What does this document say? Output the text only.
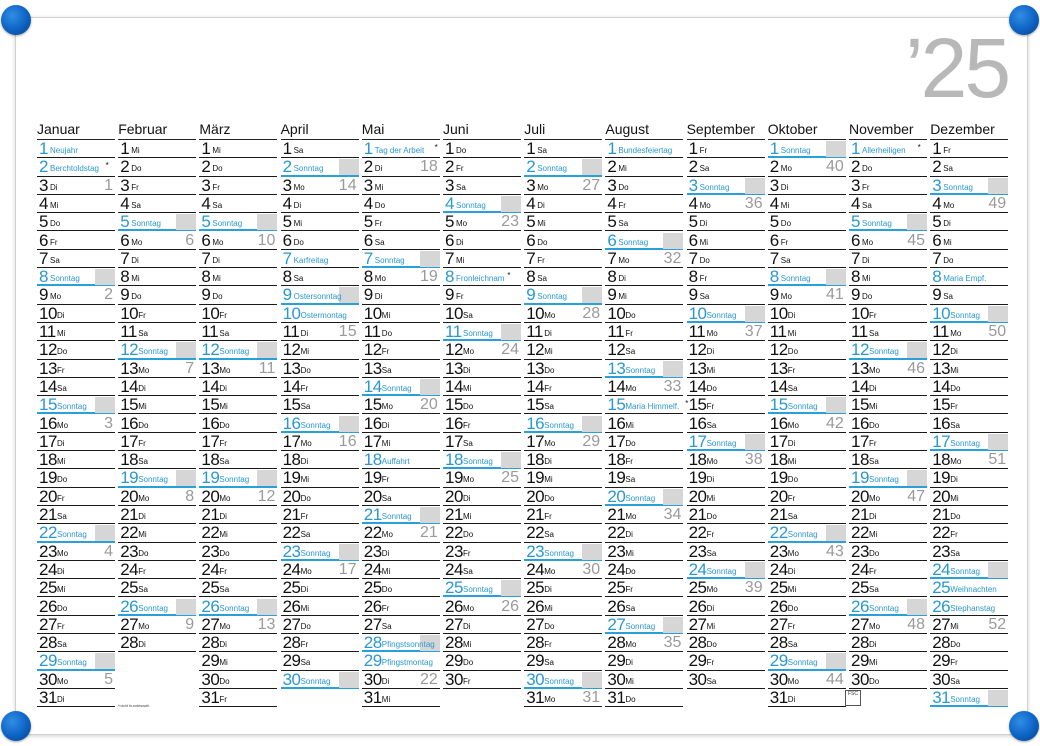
’25
Januar
1 Neujahr
2 Berchtoldstag *
3 Di	1
4 Mi
5 Do
6 Fr
7 Sa
8 Sonntag
9 Mo	2
10 Di
11 Mi
12 Do
13 Fr
14 Sa
15 Sonntag
16 Mo 3
17 Di
18 Mi
19 Do
20 Fr
21 Sa
22 Sonntag
23 Mo 4
24 Di
25 Mi
26 Do
27 Fr
28 Sa
29 Sonntag
30 Mo 5
31 Di
Februar
1 Mi
2 Do
3 Fr
4 Sa
5 Sonntag
6 Mo	6
7 Di
8 Mi
9 Do
10 Fr
11 Sa
12 Sonntag
13 Mo 7
14 Di
15 Mi
16 Do
17 Fr
18 Sa
19 Sonntag
20 Mo 8
21 Di
22 Mi
23 Do
24 Fr
25 Sa
26 Sonntag
27 Mo 9
28 Di
März
1 Mi
2 Do
3 Fr
4 Sa
5 Sonntag
6 Mo 10
7 Di
8 Mi
9 Do
10 Fr
11 Sa
12 Sonntag
13 Mo 11
14 Di
15 Mi
16 Do
17 Fr
18 Sa
19 Sonntag
20 Mo 12
21 Di
22 Mi
23 Do
24 Fr
25 Sa
26 Sonntag
27 Mo 13
28 Di
29 Mi
30 Do
31 Fr
April
1 Sa
2 Sonntag
3 Mo 14
4 Di
5 Mi
6 Do
7 Karfreitag
8 Sa
9 Ostersonntag
10 Ostermontag
11 Di 15
12 Mi
13 Do
14 Fr
15 Sa
16 Sonntag
17 Mo 16
18 Di
19 Mi
20 Do
21 Fr
22 Sa
23 Sonntag
24 Mo 17
25 Di
26 Mi
27 Do
28 Fr
29 Sa
30 Sonntag
Mai
1 Tag der Arbeit *
2 Di 18
3 Mi
4 Do
5 Fr
6 Sa
7 Sonntag
8 Mo 19
9 Di
10 Mi
11 Do
12 Fr
13 Sa
14 Sonntag
15 Mo 20
16 Di
17 Mi
18 Auffahrt
19 Fr
20 Sa
21 Sonntag
22 Mo 21
23 Di
24 Mi
25 Do
26 Fr
27 Sa
28 Pfingstsonntag
29 Pfingstmontag
30 Di 22
31 Mi
Juni
1 Do
2 Fr
3 Sa
4 Sonntag
5 Mo 23
6 Di
7 Mi
8 Fronleichnam *
9 Fr
10 Sa
11 Sonntag
12 Mo 24
13 Di
14 Mi
15 Do
16 Fr
17 Sa
18 Sonntag
19 Mo 25
20 Di
21 Mi
22 Do
23 Fr
24 Sa
25 Sonntag
26 Mo 26
27 Di
28 Mi
29 Do
30 Fr
Juli
1 Sa
2 Sonntag
3 Mo 27
4 Di
5 Mi
6 Do
7 Fr
8 Sa
9 Sonntag
10 Mo 28
11 Di
12 Mi
13 Do
14 Fr
15 Sa
16 Sonntag
17 Mo 29
18 Di
19 Mi
20 Do
21 Fr
22 Sa
23 Sonntag
24 Mo 30
25 Di
26 Mi
27 Do
28 Fr
29 Sa
30 Sonntag
31 Mo 31
August
1 Bundesfeiertag
2 Mi
3 Do
4 Fr
5 Sa
6 Sonntag
7 Mo 32
8 Di
9 Mi
10 Do
11 Fr
12 Sa
13 Sonntag
14 Mo 33
15 Maria Himmelf. *
16 Mi
17 Do
18 Fr
19 Sa
20 Sonntag
21 Mo 34
22 Di
23 Mi
24 Do
25 Fr
26 Sa
27 Sonntag
28 Mo 35
29 Di
30 Mi
31 Do
September
1 Fr
2 Sa
3 Sonntag
4 Mo 36
5 Di
6 Mi
7 Do
8 Fr
9 Sa
10 Sonntag
11 Mo 37
12 Di
13 Mi
14 Do
15 Fr
16 Sa
17 Sonntag
18 Mo 38
19 Di
20 Mi
21 Do
22 Fr
23 Sa
24 Sonntag
25 Mo 39
26 Di
27 Mi
28 Do
29 Fr
30 Sa
Oktober
1 Sonntag
2 Mo 40
3 Di
4 Mi
5 Do
6 Fr
7 Sa
8 Sonntag
9 Mo 41
10 Di
11 Mi
12 Do
13 Fr
14 Sa
15 Sonntag
16 Mo 42
17 Di
18 Mi
19 Do
20 Fr
21 Sa
22 Sonntag
23 Mo 43
24 Di
25 Mi
26 Do
27 Fr
28 Sa
29 Sonntag
30 Mo 44
31 Di
November
1 Allerheiligen *
2 Do
3 Fr
4 Sa
5 Sonntag
6 Mo 45
7 Di
8 Mi
9 Do
10 Fr
11 Sa
12 Sonntag
13 Mo 46
14 Di
15 Mi
16 Do
17 Fr
18 Sa
19 Sonntag
20 Mo 47
21 Di
22 Mi
23 Do
24 Fr
25 Sa
26 Sonntag
27 Mo 48
28 Di
29 Mi
30 Do
Dezember
1 Fr
2 Sa
3 Sonntag
4 Mo 49
5 Di
6 Mi
7 Do
8 Maria Empf.
9 Sa
10 Sonntag
11 Mo 50
12 Di
13 Mi
14 Do
15 Fr
16 Sa
17 Sonntag
18 Mo 51
19 Di
20 Mi
21 Do
22 Fr
23 Sa
24 Sonntag
25 Weihnachten
26 Stephanstag
27 Mi 52
28 Do
29 Fr
30 Sa
31 Sonntag
*nicht bundesweit
FSC
